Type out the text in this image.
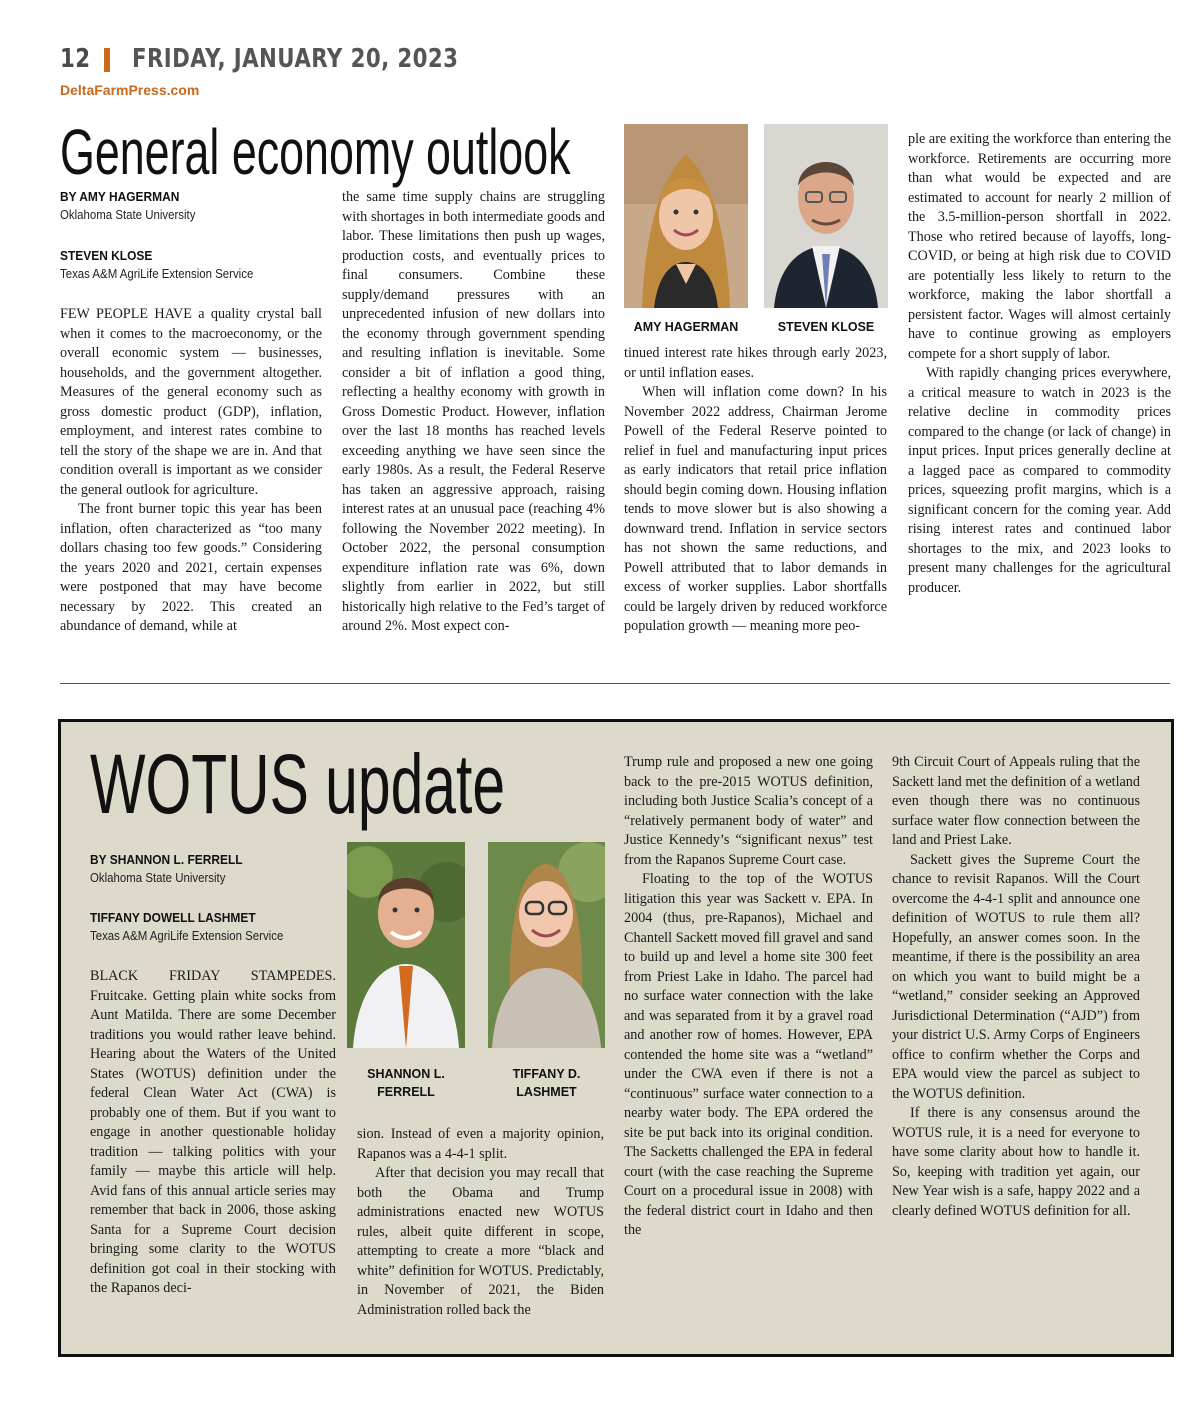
12 FRIDAY, JANUARY 20, 2023
DeltaFarmPress.com
General economy outlook
BY AMY HAGERMAN
Oklahoma State University
STEVEN KLOSE
Texas A&M AgriLife Extension Service

FEW PEOPLE HAVE a quality crystal ball when it comes to the macroeconomy, or the overall economic system — businesses, households, and the government altogether. Measures of the general economy such as gross domestic product (GDP), inflation, employment, and interest rates combine to tell the story of the shape we are in. And that condition overall is important as we consider the general outlook for agriculture.

The front burner topic this year has been inflation, often characterized as “too many dollars chasing too few goods.” Considering the years 2020 and 2021, certain expenses were postponed that may have become necessary by 2022. This created an abundance of demand, while at

the same time supply chains are struggling with shortages in both intermediate goods and labor. These limitations then push up wages, production costs, and eventually prices to final consumers. Combine these supply/demand pressures with an unprecedented infusion of new dollars into the economy through government spending and resulting inflation is inevitable. Some consider a bit of inflation a good thing, reflecting a healthy economy with growth in Gross Domestic Product. However, inflation over the last 18 months has reached levels exceeding anything we have seen since the early 1980s. As a result, the Federal Reserve has taken an aggressive approach, raising interest rates at an unusual pace (reaching 4% following the November 2022 meeting). In October 2022, the personal consumption expenditure inflation rate was 6%, down slightly from earlier in 2022, but still historically high relative to the Fed’s target of around 2%. Most expect con-

AMY HAGERMAN	STEVEN KLOSE

tinued interest rate hikes through early 2023, or until inflation eases.

When will inflation come down? In his November 2022 address, Chairman Jerome Powell of the Federal Reserve pointed to relief in fuel and manufacturing input prices as early indicators that retail price inflation should begin coming down. Housing inflation tends to move slower but is also showing a downward trend. Inflation in service sectors has not shown the same reductions, and Powell attributed that to labor demands in excess of worker supplies. Labor shortfalls could be largely driven by reduced workforce population growth — meaning more peo-

ple are exiting the workforce than entering the workforce. Retirements are occurring more than what would be expected and are estimated to account for nearly 2 million of the 3.5-million-person shortfall in 2022. Those who retired because of layoffs, long-COVID, or being at high risk due to COVID are potentially less likely to return to the workforce, making the labor shortfall a persistent factor. Wages will almost certainly have to continue growing as employers compete for a short supply of labor.

With rapidly changing prices everywhere, a critical measure to watch in 2023 is the relative decline in commodity prices compared to the change (or lack of change) in input prices. Input prices generally decline at a lagged pace as compared to commodity prices, squeezing profit margins, which is a significant concern for the coming year. Add rising interest rates and continued labor shortages to the mix, and 2023 looks to present many challenges for the agricultural producer.

WOTUS update
BY SHANNON L. FERRELL
Oklahoma State University
TIFFANY DOWELL LASHMET
Texas A&M AgriLife Extension Service

BLACK FRIDAY STAMPEDES. Fruitcake. Getting plain white socks from Aunt Matilda. There are some December traditions you would rather leave behind. Hearing about the Waters of the United States (WOTUS) definition under the federal Clean Water Act (CWA) is probably one of them. But if you want to engage in another questionable holiday tradition — talking politics with your family — maybe this article will help. Avid fans of this annual article series may remember that back in 2006, those asking Santa for a Supreme Court decision bringing some clarity to the WOTUS definition got coal in their stocking with the Rapanos deci-

SHANNON L. FERRELL
TIFFANY D. LASHMET

sion. Instead of even a majority opinion, Rapanos was a 4-4-1 split.

After that decision you may recall that both the Obama and Trump administrations enacted new WOTUS rules, albeit quite different in scope, attempting to create a more “black and white” definition for WOTUS. Predictably, in November of 2021, the Biden Administration rolled back the

Trump rule and proposed a new one going back to the pre-2015 WOTUS definition, including both Justice Scalia’s concept of a “relatively permanent body of water” and Justice Kennedy’s “significant nexus” test from the Rapanos Supreme Court case.

Floating to the top of the WOTUS litigation this year was Sackett v. EPA. In 2004 (thus, pre-Rapanos), Michael and Chantell Sackett moved fill gravel and sand to build up and level a home site 300 feet from Priest Lake in Idaho. The parcel had no surface water connection with the lake and was separated from it by a gravel road and another row of homes. However, EPA contended the home site was a “wetland” under the CWA even if there is not a “continuous” surface water connection to a nearby water body. The EPA ordered the site be put back into its original condition. The Sacketts challenged the EPA in federal court (with the case reaching the Supreme Court on a procedural issue in 2008) with the federal district court in Idaho and then the

9th Circuit Court of Appeals ruling that the Sackett land met the definition of a wetland even though there was no continuous surface water flow connection between the land and Priest Lake.

Sackett gives the Supreme Court the chance to revisit Rapanos. Will the Court overcome the 4-4-1 split and announce one definition of WOTUS to rule them all? Hopefully, an answer comes soon. In the meantime, if there is the possibility an area on which you want to build might be a “wetland,” consider seeking an Approved Jurisdictional Determination (“AJD”) from your district U.S. Army Corps of Engineers office to confirm whether the Corps and EPA would view the parcel as subject to the WOTUS definition.

If there is any consensus around the WOTUS rule, it is a need for everyone to have some clarity about how to handle it. So, keeping with tradition yet again, our New Year wish is a safe, happy 2022 and a clearly defined WOTUS definition for all.
